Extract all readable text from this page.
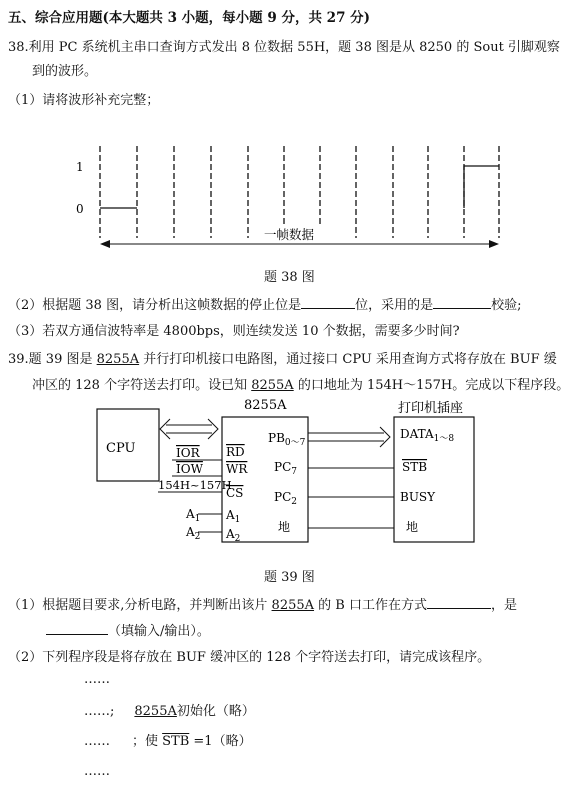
五、综合应用题(本大题共 3 小题，每小题 9 分，共 27 分)
38.利用 PC 系统机主串口查询方式发出 8 位数据 55H，题 38 图是从 8250 的 Sout 引脚观察
到的波形。
（1）请将波形补充完整；
1
0
一帧数据
题 38 图
（2）根据题 38 图，请分析出这帧数据的停止位是	位，采用的是	校验;
（3）若双方通信波特率是 4800bps，则连续发送 10 个数据，需要多少时间?
39.题 39 图是 8255A 并行打印机接口电路图，通过接口 CPU 采用查询方式将存放在 BUF 缓
冲区的 128 个字符送去打印。设已知 8255A 的口地址为 154H～157H。完成以下程序段。
8255A	打印机插座
CPU	IOR
IOW
154H~157H
$A_1$
$A_2$
RD
WR
CS
$A_1$
$A_2$
$PB_{0\sim 7}$
$PC_7$
$PC_2$
地
$DATA_{1\sim 8}$
STB
BUSY
地
题 39 图
（1）根据题目要求,分析电路，并判断出该片 8255A 的 B 口工作在方式	，是
（填输入/输出）。
（2）下列程序段是将存放在 BUF 缓冲区的 128 个字符送去打印，请完成该程序。
……
……; 8255A初始化（略）
…… ；使 $\overline{STB} =1$（略）
……
